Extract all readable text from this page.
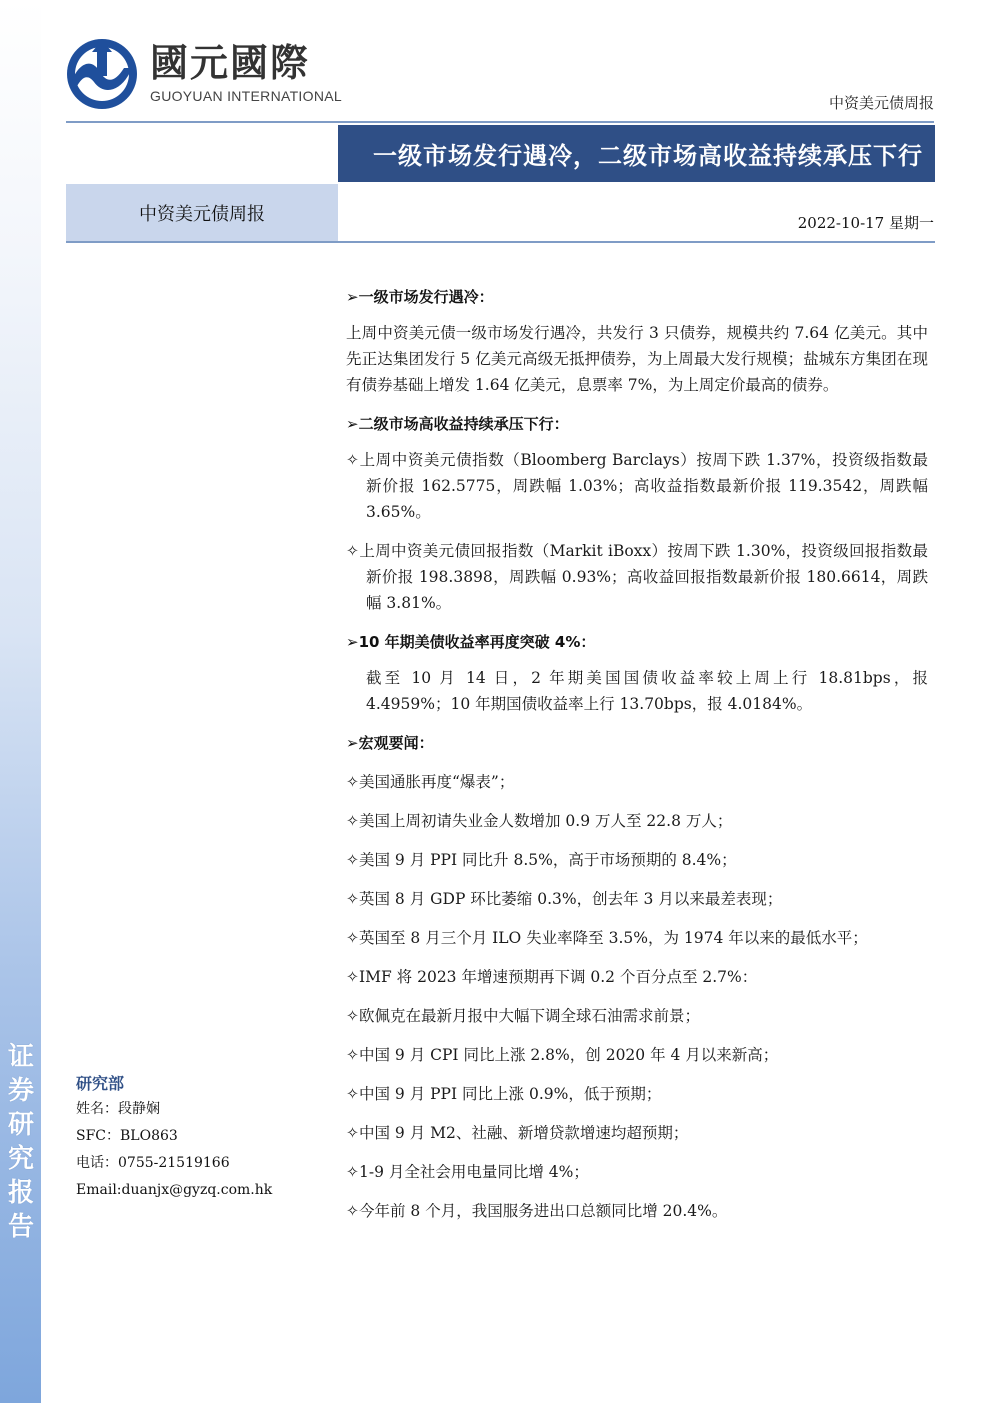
证
券
研
究
报
告
國元國際
GUOYUAN INTERNATIONAL	中资美元债周报
一级市场发行遇冷，二级市场高收益持续承压下行
中资美元债周报	2022-10-17 星期一
➢一级市场发行遇冷：
上周中资美元债一级市场发行遇冷，共发行 3 只债券，规模共约 7.64 亿美元。其中先正达集团发行 5 亿美元高级无抵押债券，为上周最大发行规模；盐城东方集团在现有债券基础上增发 1.64 亿美元，息票率 7%，为上周定价最高的债券。
➢二级市场高收益持续承压下行：
✧上周中资美元债指数（Bloomberg Barclays）按周下跌 1.37%，投资级指数最新价报 162.5775，周跌幅 1.03%；高收益指数最新价报 119.3542，周跌幅 3.65%。
✧上周中资美元债回报指数（Markit iBoxx）按周下跌 1.30%，投资级回报指数最新价报 198.3898，周跌幅 0.93%；高收益回报指数最新价报 180.6614，周跌幅 3.81%。
➢10 年期美债收益率再度突破 4%：
截至 10 月 14 日，2 年期美国国债收益率较上周上行 18.81bps，报 4.4959%；10 年期国债收益率上行 13.70bps，报 4.0184%。
➢宏观要闻：
✧美国通胀再度“爆表”；
✧美国上周初请失业金人数增加 0.9 万人至 22.8 万人；
✧美国 9 月 PPI 同比升 8.5%，高于市场预期的 8.4%；
✧英国 8 月 GDP 环比萎缩 0.3%，创去年 3 月以来最差表现；
✧英国至 8 月三个月 ILO 失业率降至 3.5%，为 1974 年以来的最低水平；
✧IMF 将 2023 年增速预期再下调 0.2 个百分点至 2.7%：
✧欧佩克在最新月报中大幅下调全球石油需求前景；
✧中国 9 月 CPI 同比上涨 2.8%，创 2020 年 4 月以来新高；
✧中国 9 月 PPI 同比上涨 0.9%，低于预期；
✧中国 9 月 M2、社融、新增贷款增速均超预期；
✧1-9 月全社会用电量同比增 4%；
✧今年前 8 个月，我国服务进出口总额同比增 20.4%。
研究部
姓名：段静娴
SFC：BLO863
电话：0755-21519166
Email:duanjx@gyzq.com.hk
